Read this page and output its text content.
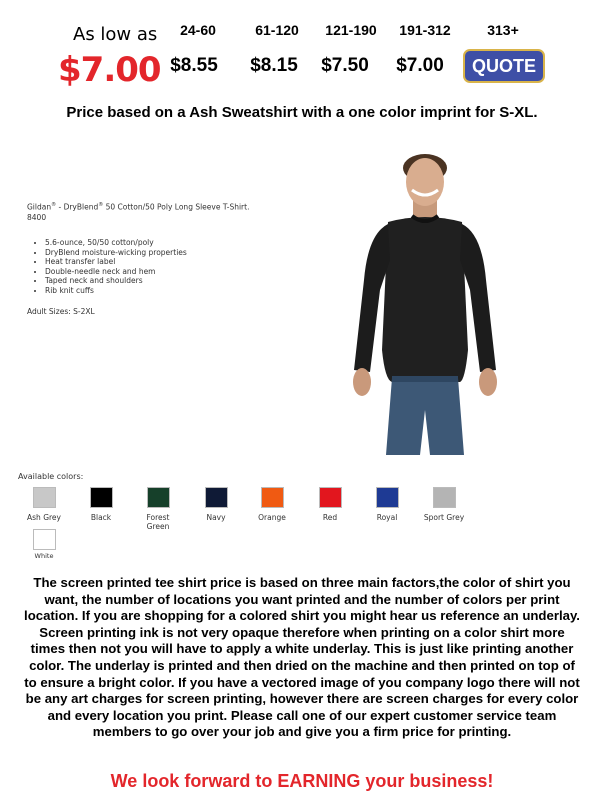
As low as
$7.00
24-60	61-120	121-190	191-312	313+
$8.55	$8.15	$7.50	$7.00	QUOTE
Price based on a Ash Sweatshirt with a one color imprint for S-XL.
Gildan® - DryBlend® 50 Cotton/50 Poly Long Sleeve T-Shirt. 8400
• 5.6-ounce, 50/50 cotton/poly
• DryBlend moisture-wicking properties
• Heat transfer label
• Double-needle neck and hem
• Taped neck and shoulders
• Rib knit cuffs
Adult Sizes: S-2XL
Available colors:
Ash Grey	Black	Forest Green
Navy	Orange	Red	Royal	Sport Grey
White
The screen printed tee shirt price is based on three main factors,the color of shirt you want, the number of locations you want printed and the number of colors per print location. If you are shopping for a colored shirt you might hear us reference an underlay. Screen printing ink is not very opaque therefore when printing on a color shirt more times then not you will have to apply a white underlay. This is just like printing another color. The underlay is printed and then dried on the machine and then printed on top of to ensure a bright color. If you have a vectored image of you company logo there will not be any art charges for screen printing, however there are screen charges for every color and every location you print. Please call one of our expert customer service team members to go over your job and give you a firm price for printing.
We look forward to EARNING your business!
